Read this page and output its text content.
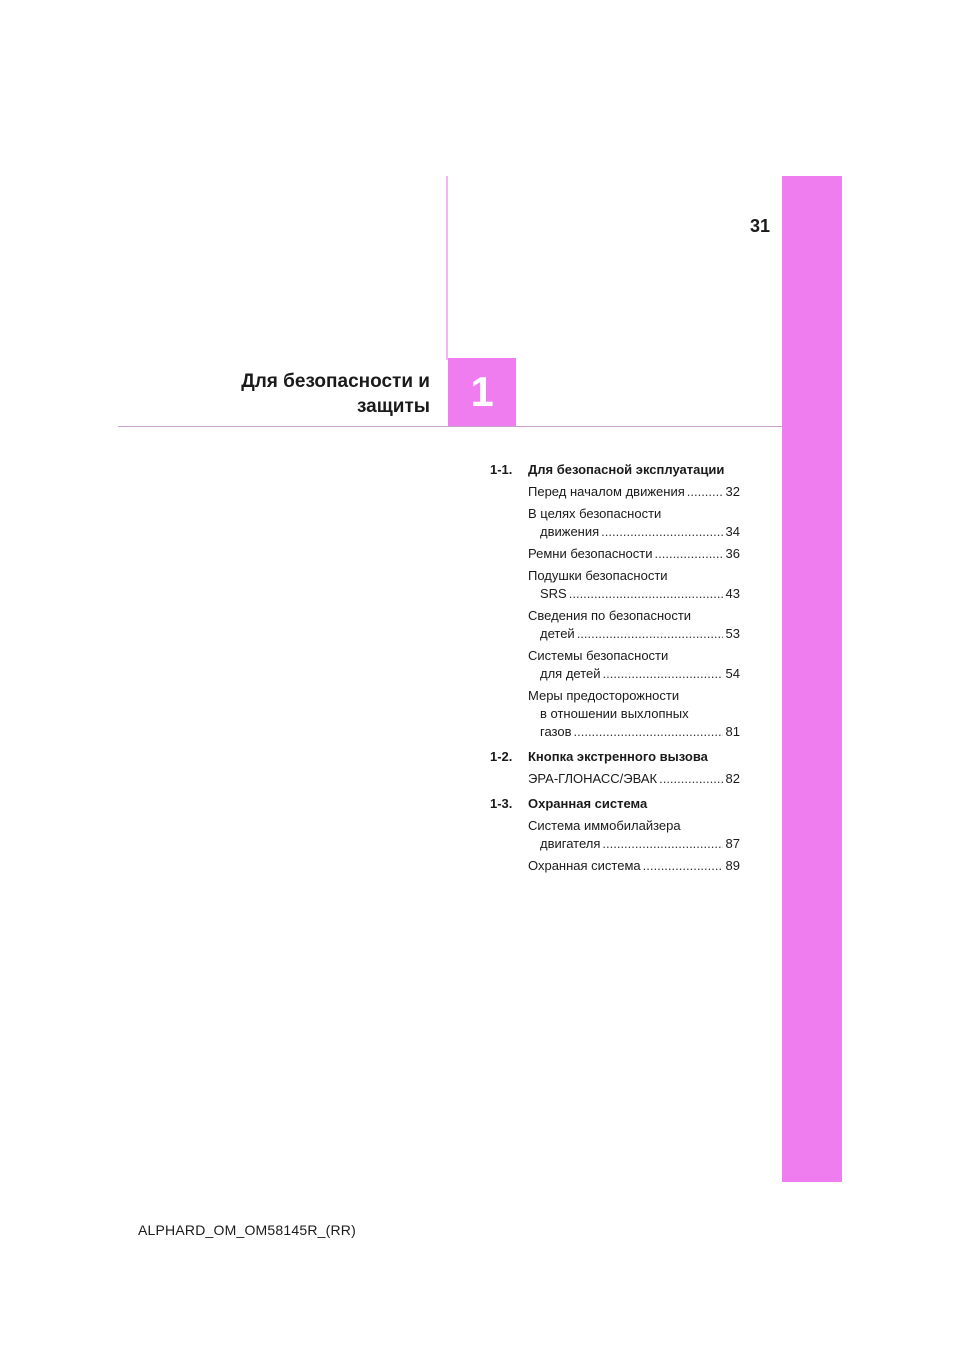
1
31
Для безопасности и
защиты
1-1.	Для безопасной эксплуатации
Перед началом движения .....	32
В целях безопасности
движения .....	34
Ремни безопасности .....	36
Подушки безопасности
SRS .....	43
Сведения по безопасности
детей .....	53
Системы безопасности
для детей .....	54
Меры предосторожности
в отношении выхлопных
газов .....	81
1-2.	Кнопка экстренного вызова
ЭРА-ГЛОНАСС/ЭВАК .....	82
1-3.	Охранная система
Система иммобилайзера
двигателя .....	87
Охранная система .....	89
ALPHARD_OM_OM58145R_(RR)
